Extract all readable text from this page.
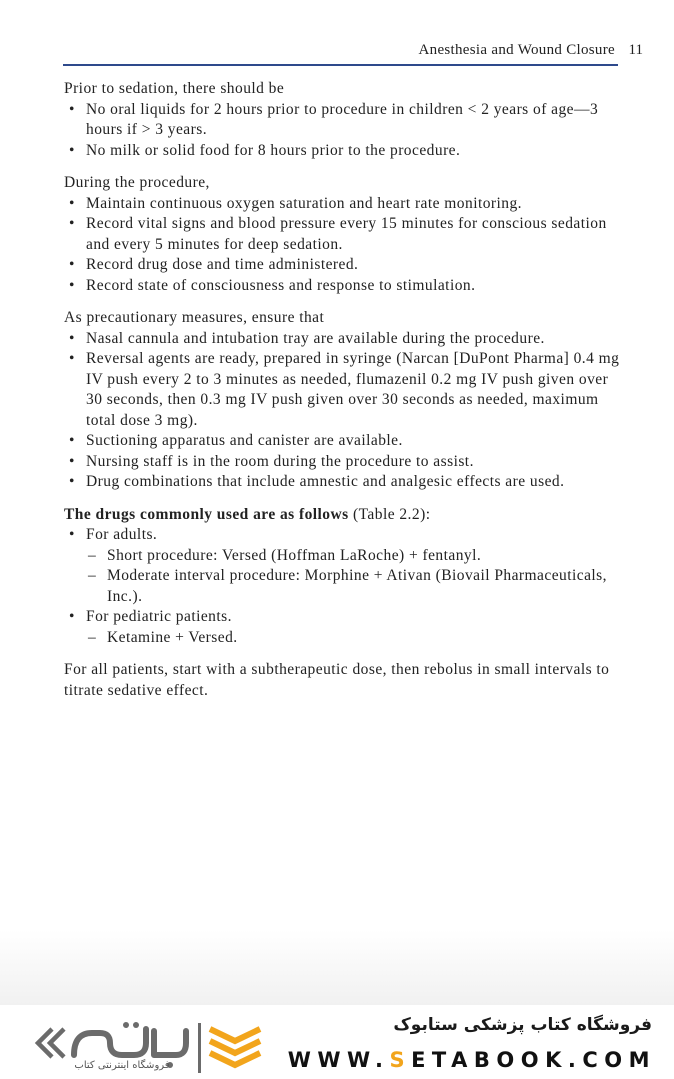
Anesthesia and Wound Closure 11

Prior to sedation, there should be

• No oral liquids for 2 hours prior to procedure in children < 2 years of age—3 hours if > 3 years.
• No milk or solid food for 8 hours prior to the procedure.

During the procedure,

• Maintain continuous oxygen saturation and heart rate monitoring.
• Record vital signs and blood pressure every 15 minutes for conscious sedation and every 5 minutes for deep sedation.
• Record drug dose and time administered.
• Record state of consciousness and response to stimulation.

As precautionary measures, ensure that

• Nasal cannula and intubation tray are available during the procedure.
• Reversal agents are ready, prepared in syringe (Narcan [DuPont Pharma] 0.4 mg IV push every 2 to 3 minutes as needed, flumazenil 0.2 mg IV push given over 30 seconds, then 0.3 mg IV push given over 30 seconds as needed, maximum total dose 3 mg).
• Suctioning apparatus and canister are available.
• Nursing staff is in the room during the procedure to assist.
• Drug combinations that include amnestic and analgesic effects are used.

The drugs commonly used are as follows (Table 2.2):

• For adults.
– Short procedure: Versed (Hoffman LaRoche) + fentanyl.
– Moderate interval procedure: Morphine + Ativan (Biovail Pharmaceuticals, Inc.).
• For pediatric patients.
– Ketamine + Versed.

For all patients, start with a subtherapeutic dose, then rebolus in small intervals to titrate sedative effect.

فروشگاه اینترنتی کتاب
فروشگاه کتاب پزشکی ستابوک
WWW.SETABOOK.COM
